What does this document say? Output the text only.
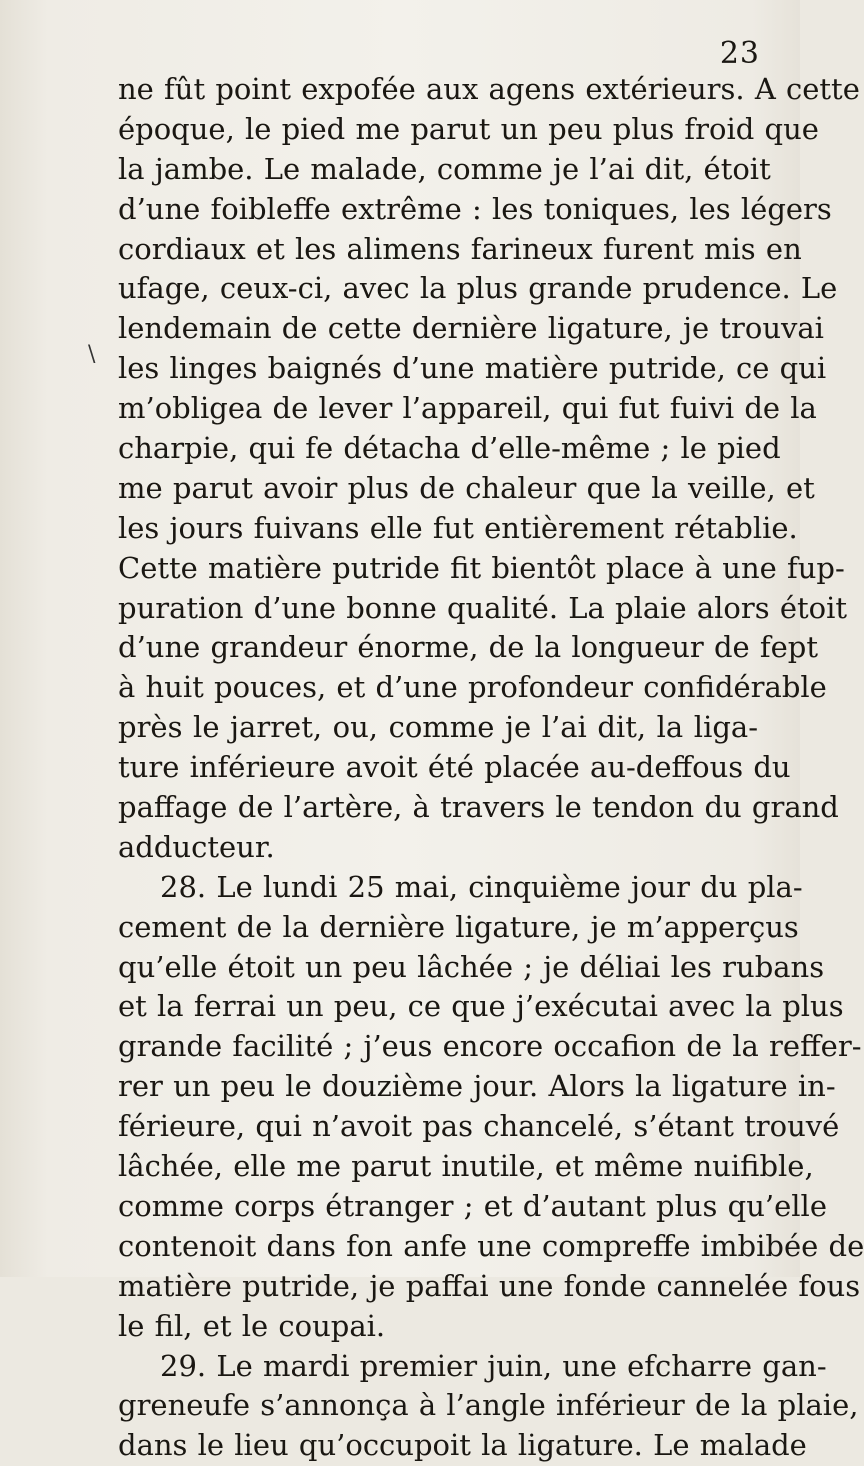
23
\
ne fût point expofée aux agens extérieurs. A cette
époque, le pied me parut un peu plus froid que
la jambe. Le malade, comme je l’ai dit, étoit
d’une foibleffe extrême : les toniques, les légers
cordiaux et les alimens farineux furent mis en
ufage, ceux-ci, avec la plus grande prudence. Le
lendemain de cette dernière ligature, je trouvai
les linges baignés d’une matière putride, ce qui
m’obligea de lever l’appareil, qui fut fuivi de la
charpie, qui fe détacha d’elle-même ; le pied
me parut avoir plus de chaleur que la veille, et
les jours fuivans elle fut entièrement rétablie.
Cette matière putride fit bientôt place à une fup-
puration d’une bonne qualité. La plaie alors étoit
d’une grandeur énorme, de la longueur de fept
à huit pouces, et d’une profondeur confidérable
près le jarret, ou, comme je l’ai dit, la liga-
ture inférieure avoit été placée au-deffous du
paffage de l’artère, à travers le tendon du grand
adducteur.
28. Le lundi 25 mai, cinquième jour du pla-
cement de la dernière ligature, je m’apperçus
qu’elle étoit un peu lâchée ; je déliai les rubans
et la ferrai un peu, ce que j’exécutai avec la plus
grande facilité ; j’eus encore occafion de la reffer-
rer un peu le douzième jour. Alors la ligature in-
férieure, qui n’avoit pas chancelé, s’étant trouvé
lâchée, elle me parut inutile, et même nuifible,
comme corps étranger ; et d’autant plus qu’elle
contenoit dans fon anfe une compreffe imbibée de
matière putride, je paffai une fonde cannelée fous
le fil, et le coupai.
29. Le mardi premier juin, une efcharre gan-
greneufe s’annonça à l’angle inférieur de la plaie,
dans le lieu qu’occupoit la ligature. Le malade
